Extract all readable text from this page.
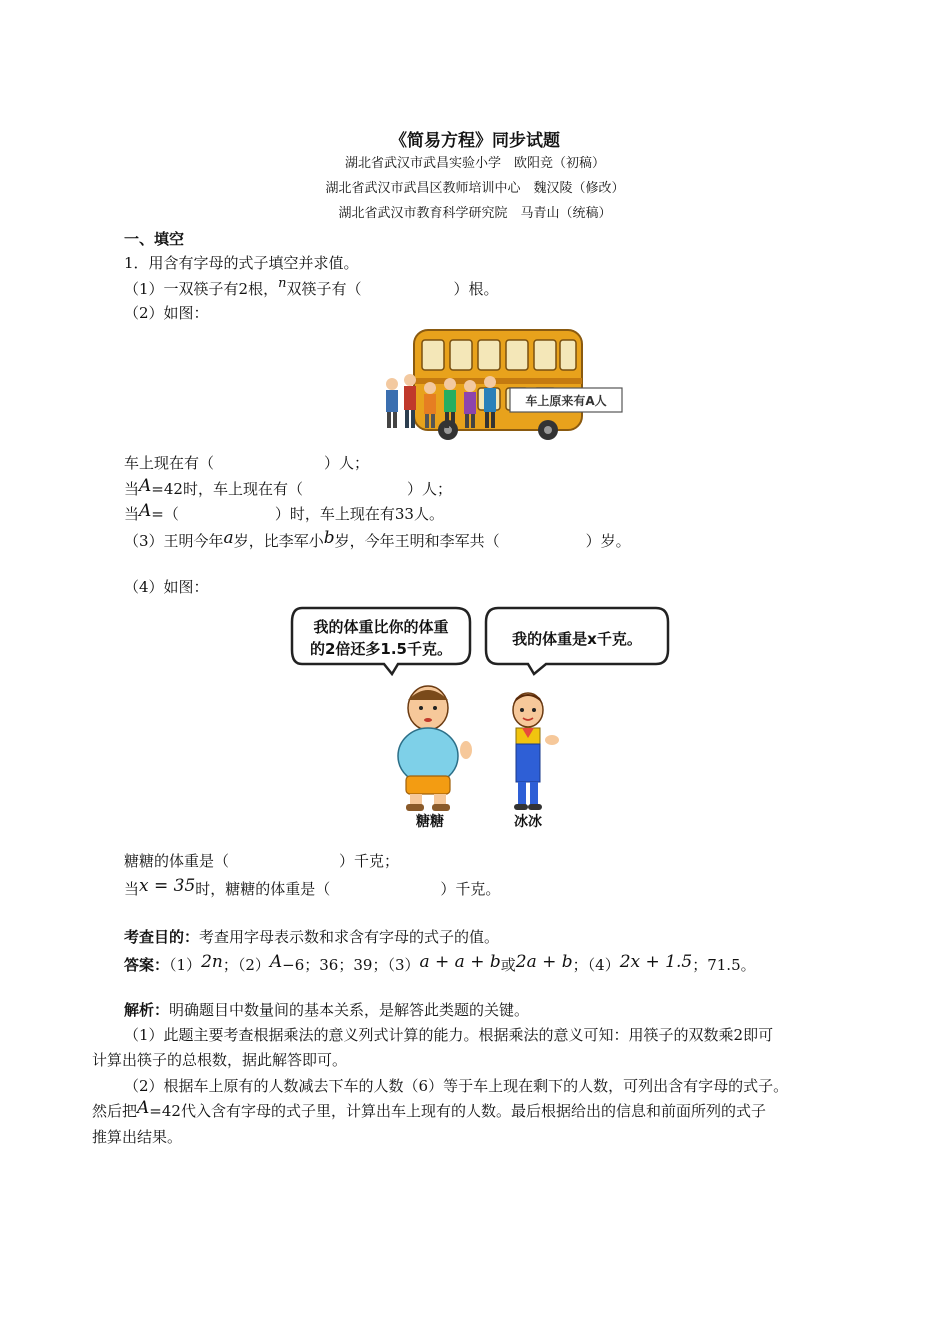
《简易方程》同步试题
湖北省武汉市武昌实验小学　欧阳竞（初稿）
湖北省武汉市武昌区教师培训中心　魏汉陵（修改）
湖北省武汉市教育科学研究院　马青山（统稿）
一、填空
1．用含有字母的式子填空并求值。
（1）一双筷子有2根，n双筷子有（	）根。
（2）如图：
车上原来有A人
车上现在有（	）人；
当A=42时，车上现在有（	）人；
当A=（	）时，车上现在有33人。
（3）王明今年a岁，比李军小b岁，今年王明和李军共（	）岁。
（4）如图：
我的体重比你的体重
的2倍还多1.5千克。
我的体重是x千克。
糖糖	冰冰
糖糖的体重是（	）千克；
当x = 35时，糖糖的体重是（	）千克。
考查目的：考查用字母表示数和求含有字母的式子的值。
答案：（1）2n；（2）A−6；36；39；（3）a + a + b或2a + b；（4）2x + 1.5；71.5。
解析：明确题目中数量间的基本关系，是解答此类题的关键。
（1）此题主要考查根据乘法的意义列式计算的能力。根据乘法的意义可知：用筷子的双数乘2即可
计算出筷子的总根数，据此解答即可。
（2）根据车上原有的人数减去下车的人数（6）等于车上现在剩下的人数，可列出含有字母的式子。
然后把A=42代入含有字母的式子里，计算出车上现有的人数。最后根据给出的信息和前面所列的式子
推算出结果。
